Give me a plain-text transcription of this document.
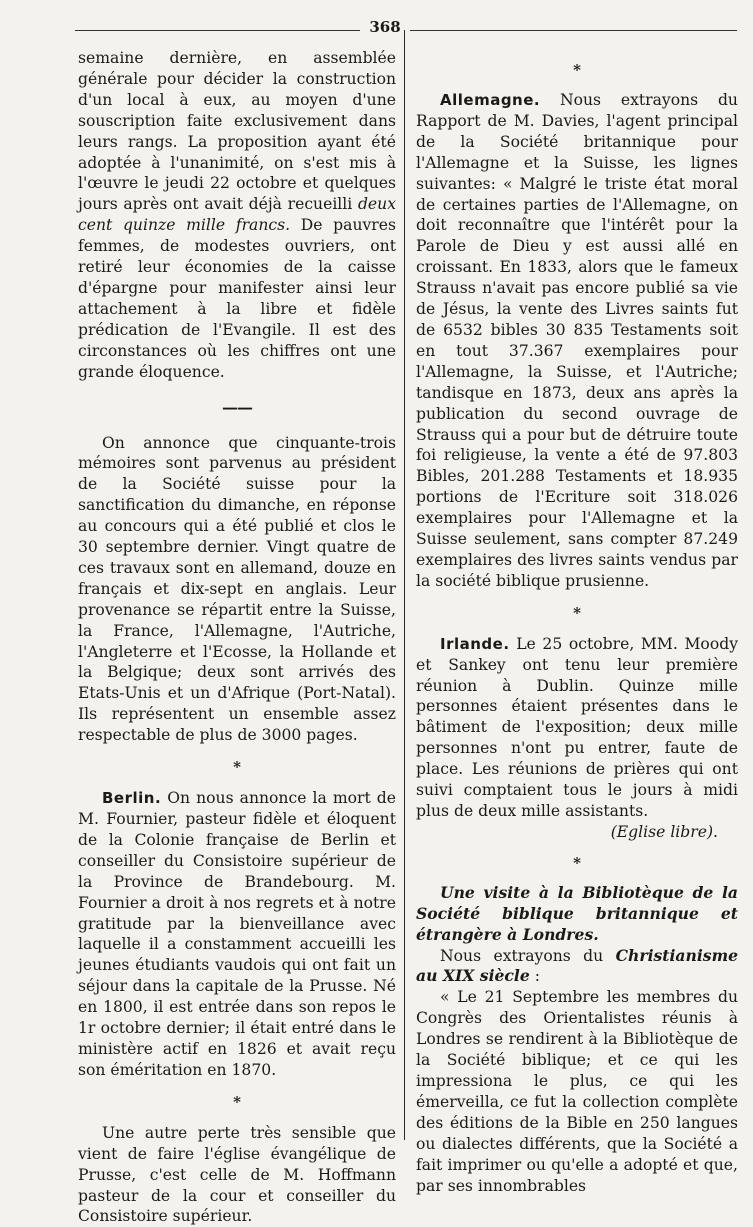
368

semaine dernière, en assemblée générale pour décider la construction d'un local à eux, au moyen d'une souscription faite exclusivement dans leurs rangs. La proposition ayant été adoptée à l'unanimité, on s'est mis à l'œuvre le jeudi 22 octobre et quelques jours après ont avait déjà recueilli deux cent quinze mille francs. De pauvres femmes, de modestes ouvriers, ont retiré leur économies de la caisse d'épargne pour manifester ainsi leur attachement à la libre et fidèle prédication de l'Evangile. Il est des circonstances où les chiffres ont une grande éloquence.

——

On annonce que cinquante-trois mémoires sont parvenus au président de la Société suisse pour la sanctification du dimanche, en réponse au concours qui a été publié et clos le 30 septembre dernier. Vingt quatre de ces travaux sont en allemand, douze en français et dix-sept en anglais. Leur provenance se répartit entre la Suisse, la France, l'Allemagne, l'Autriche, l'Angleterre et l'Ecosse, la Hollande et la Belgique; deux sont arrivés des Etats-Unis et un d'Afrique (Port-Natal). Ils représentent un ensemble assez respectable de plus de 3000 pages.

*

Berlin. On nous annonce la mort de M. Fournier, pasteur fidèle et éloquent de la Colonie française de Berlin et conseiller du Consistoire supérieur de la Province de Brandebourg. M. Fournier a droit à nos regrets et à notre gratitude par la bienveillance avec laquelle il a constamment accueilli les jeunes étudiants vaudois qui ont fait un séjour dans la capitale de la Prusse. Né en 1800, il est entrée dans son repos le 1r octobre dernier; il était entré dans le ministère actif en 1826 et avait reçu son éméritation en 1870.

*

Une autre perte très sensible que vient de faire l'église évangélique de Prusse, c'est celle de M. Hoffmann pasteur de la cour et conseiller du Consistoire supérieur.

*

Allemagne. Nous extrayons du Rapport de M. Davies, l'agent principal de la Société britannique pour l'Allemagne et la Suisse, les lignes suivantes: « Malgré le triste état moral de certaines parties de l'Allemagne, on doit reconnaître que l'intérêt pour la Parole de Dieu y est aussi allé en croissant. En 1833, alors que le fameux Strauss n'avait pas encore publié sa vie de Jésus, la vente des Livres saints fut de 6532 bibles 30 835 Testaments soit en tout 37.367 exemplaires pour l'Allemagne, la Suisse, et l'Autriche; tandisque en 1873, deux ans après la publication du second ouvrage de Strauss qui a pour but de détruire toute foi religieuse, la vente a été de 97.803 Bibles, 201.288 Testaments et 18.935 portions de l'Ecriture soit 318.026 exemplaires pour l'Allemagne et la Suisse seulement, sans compter 87.249 exemplaires des livres saints vendus par la société biblique prusienne.

*

Irlande. Le 25 octobre, MM. Moody et Sankey ont tenu leur première réunion à Dublin. Quinze mille personnes étaient présentes dans le bâtiment de l'exposition; deux mille personnes n'ont pu entrer, faute de place. Les réunions de prières qui ont suivi comptaient tous le jours à midi plus de deux mille assistants.

(Eglise libre).

*

Une visite à la Bibliotèque de la Société biblique britannique et étrangère à Londres.

Nous extrayons du Christianisme au XIX siècle :

« Le 21 Septembre les membres du Congrès des Orientalistes réunis à Londres se rendirent à la Bibliotèque de la Société biblique; et ce qui les impressiona le plus, ce qui les émerveilla, ce fut la collection complète des éditions de la Bible en 250 langues ou dialectes différents, que la Société a fait imprimer ou qu'elle a adopté et que, par ses innombrables
